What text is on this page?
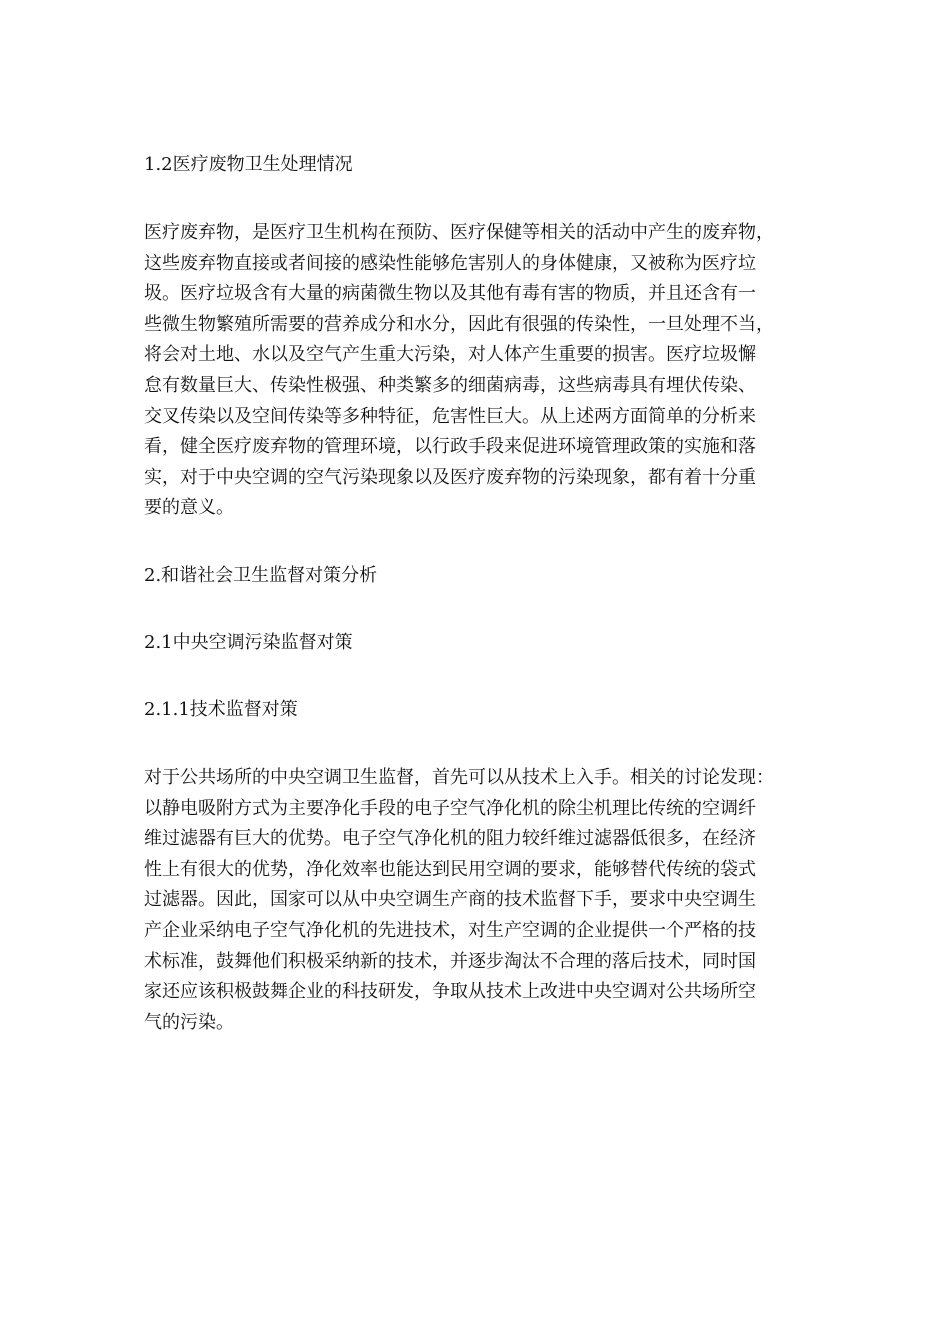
1.2医疗废物卫生处理情况

医疗废弃物，是医疗卫生机构在预防、医疗保健等相关的活动中产生的废弃物，
这些废弃物直接或者间接的感染性能够危害别人的身体健康，又被称为医疗垃
圾。医疗垃圾含有大量的病菌微生物以及其他有毒有害的物质，并且还含有一
些微生物繁殖所需要的营养成分和水分，因此有很强的传染性，一旦处理不当，
将会对土地、水以及空气产生重大污染，对人体产生重要的损害。医疗垃圾懈
怠有数量巨大、传染性极强、种类繁多的细菌病毒，这些病毒具有埋伏传染、
交叉传染以及空间传染等多种特征，危害性巨大。从上述两方面简单的分析来
看，健全医疗废弃物的管理环境，以行政手段来促进环境管理政策的实施和落
实，对于中央空调的空气污染现象以及医疗废弃物的污染现象，都有着十分重
要的意义。

2.和谐社会卫生监督对策分析

2.1中央空调污染监督对策

2.1.1技术监督对策

对于公共场所的中央空调卫生监督，首先可以从技术上入手。相关的讨论发现：
以静电吸附方式为主要净化手段的电子空气净化机的除尘机理比传统的空调纤
维过滤器有巨大的优势。电子空气净化机的阻力较纤维过滤器低很多，在经济
性上有很大的优势，净化效率也能达到民用空调的要求，能够替代传统的袋式
过滤器。因此，国家可以从中央空调生产商的技术监督下手，要求中央空调生
产企业采纳电子空气净化机的先进技术，对生产空调的企业提供一个严格的技
术标准，鼓舞他们积极采纳新的技术，并逐步淘汰不合理的落后技术，同时国
家还应该积极鼓舞企业的科技研发，争取从技术上改进中央空调对公共场所空
气的污染。
